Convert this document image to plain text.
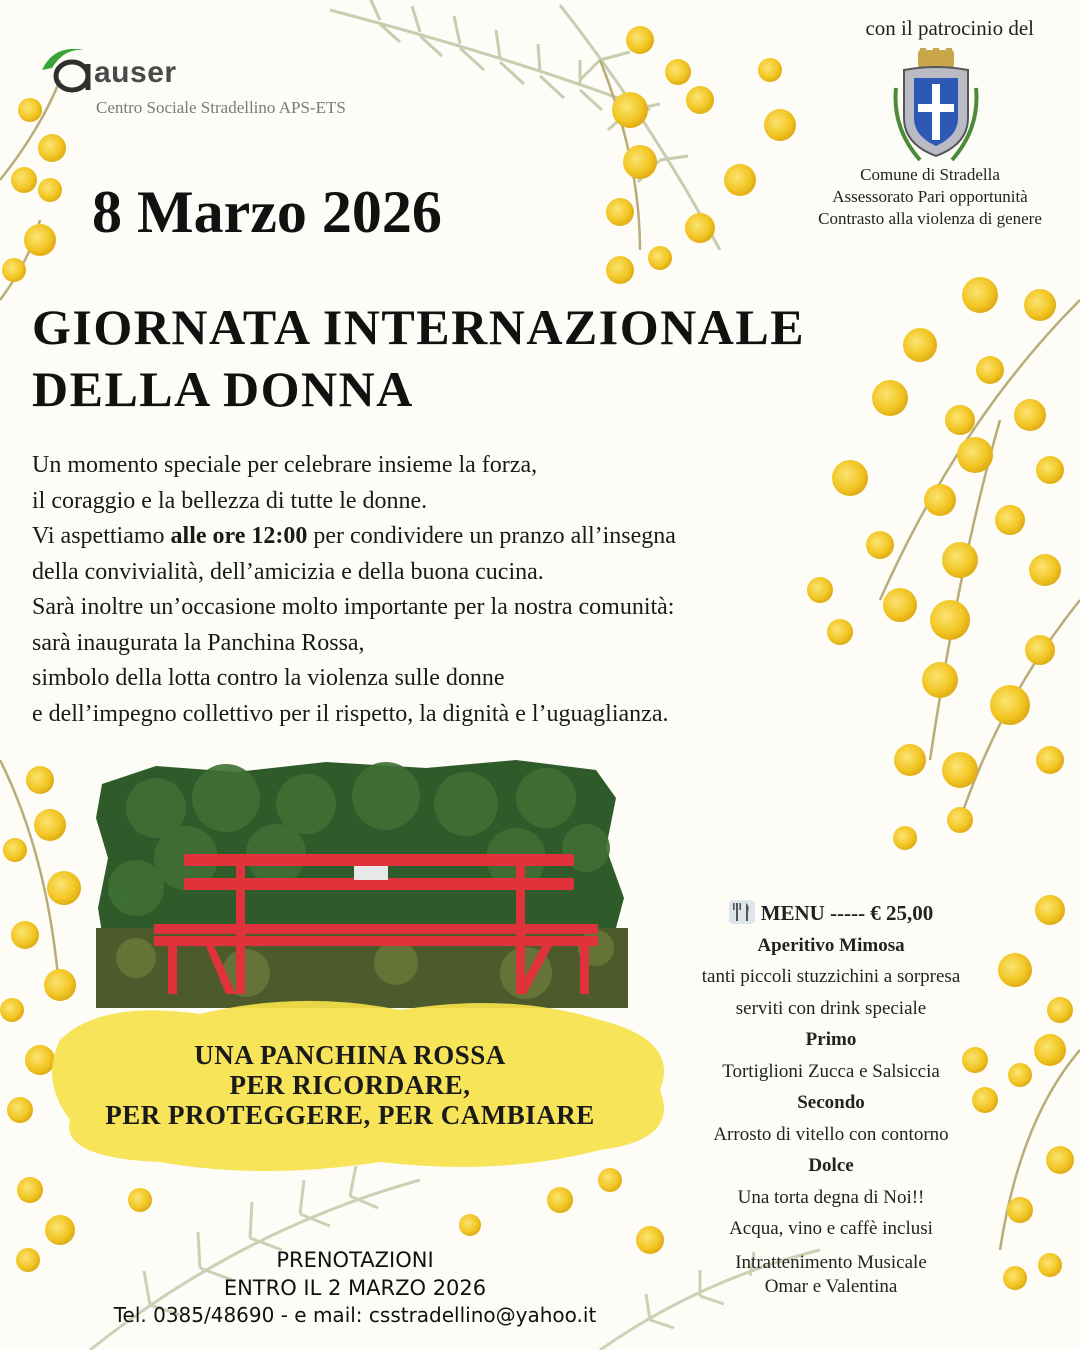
auser
Centro Sociale Stradellino APS-ETS
con il patrocinio del
Comune di Stradella
Assessorato Pari opportunità
Contrasto alla violenza di genere
8 Marzo 2026
GIORNATA INTERNAZIONALE
DELLA DONNA
Un momento speciale per celebrare insieme la forza,
il coraggio e la bellezza di tutte le donne.
Vi aspettiamo alle ore 12:00 per condividere un pranzo all’insegna
della convivialità, dell’amicizia e della buona cucina.
Sarà inoltre un’occasione molto importante per la nostra comunità:
sarà inaugurata la Panchina Rossa,
simbolo della lotta contro la violenza sulle donne
e dell’impegno collettivo per il rispetto, la dignità e l’uguaglianza.
UNA PANCHINA ROSSA
PER RICORDARE,
PER PROTEGGERE, PER CAMBIARE
MENU ----- € 25,00
Aperitivo Mimosa
tanti piccoli stuzzichini a sorpresa
serviti con drink speciale
Primo
Tortiglioni Zucca e Salsiccia
Secondo
Arrosto di vitello con contorno
Dolce
Una torta degna di Noi!!
Acqua, vino e caffè inclusi
Intrattenimento Musicale
Omar e Valentina
PRENOTAZIONI
ENTRO IL 2 MARZO 2026
Tel. 0385/48690 - e mail: csstradellino@yahoo.it
